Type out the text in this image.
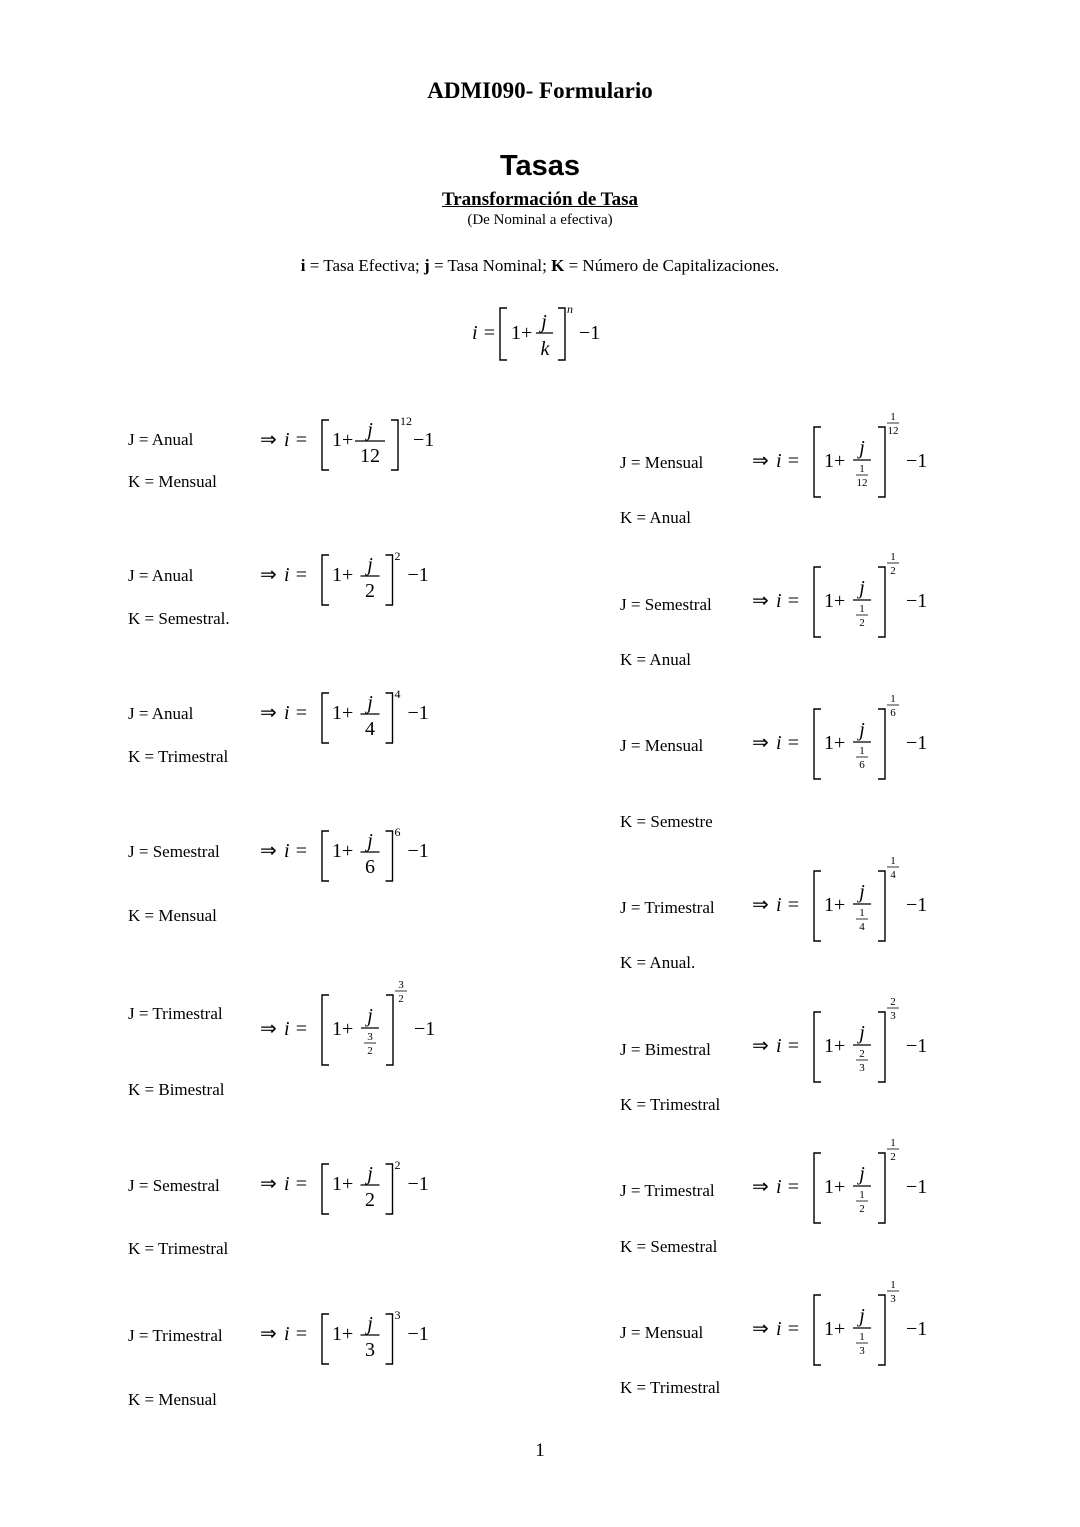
ADMI090- Formulario
Tasas
Transformación de Tasa
(De Nominal a efectiva)
i = Tasa Efectiva; j = Tasa Nominal; K = Número de Capitalizaciones.
i = 1+ j
k
n
−1
1
J = Anual
K = Mensual
⇒ i = 1+ j
12
12
−1
J = Anual
K = Semestral.
⇒ i = 1+ j
2
2
−1
J = Anual
K = Trimestral
⇒ i = 1+ j
4
4
−1
J = Semestral
K = Mensual
⇒ i = 1+ j
6
6
−1
J = Trimestral
K = Bimestral
⇒ i = 1+
j
3
2
3
2
−1
J = Semestral
K = Trimestral
⇒ i = 1+ j
2
2
−1
J = Trimestral
K = Mensual
⇒ i = 1+ j
3
3
−1
J = Mensual
K = Anual
⇒ i = 1+
j
1
12
1
12
−1
J = Semestral
K = Anual
⇒ i = 1+
j
1
2
1
2
−1
J = Mensual
K = Semestre
⇒ i = 1+
j
1
6
1
6
−1
J = Trimestral
K = Anual.
⇒ i = 1+
j
1
4
1
4
−1
J = Bimestral
K = Trimestral
⇒ i = 1+
j
2
3
2
3
−1
J = Trimestral
K = Semestral
⇒ i = 1+
j
1
2
1
2
−1
J = Mensual
K = Trimestral
⇒ i = 1+
j
1
3
1
3
−1
